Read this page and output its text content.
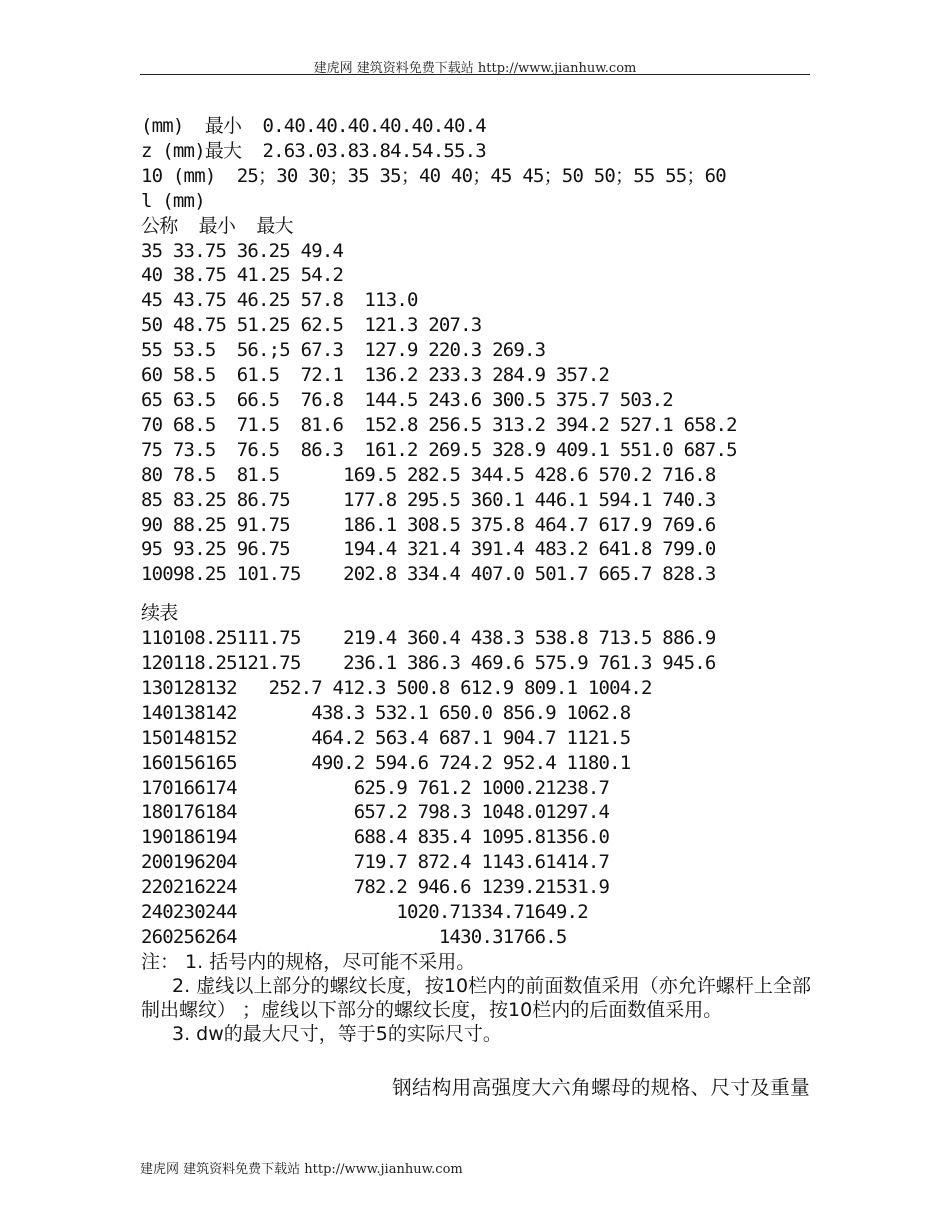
建虎网 建筑资料免费下载站 http://www.jianhuw.com
(mm)  最小  0.40.40.40.40.40.40.4
z (mm)最大  2.63.03.83.84.54.55.3
10 (mm)  25；30 30；35 35；40 40；45 45；50 50；55 55；60
l (mm)
公称  最小  最大
35 33.75 36.25 49.4
40 38.75 41.25 54.2
45 43.75 46.25 57.8  113.0
50 48.75 51.25 62.5  121.3 207.3
55 53.5  56.;5 67.3  127.9 220.3 269.3
60 58.5  61.5  72.1  136.2 233.3 284.9 357.2
65 63.5  66.5  76.8  144.5 243.6 300.5 375.7 503.2
70 68.5  71.5  81.6  152.8 256.5 313.2 394.2 527.1 658.2
75 73.5  76.5  86.3  161.2 269.5 328.9 409.1 551.0 687.5
80 78.5  81.5      169.5 282.5 344.5 428.6 570.2 716.8
85 83.25 86.75     177.8 295.5 360.1 446.1 594.1 740.3
90 88.25 91.75     186.1 308.5 375.8 464.7 617.9 769.6
95 93.25 96.75     194.4 321.4 391.4 483.2 641.8 799.0
10098.25 101.75    202.8 334.4 407.0 501.7 665.7 828.3
续表
110108.25111.75    219.4 360.4 438.3 538.8 713.5 886.9
120118.25121.75    236.1 386.3 469.6 575.9 761.3 945.6
130128132   252.7 412.3 500.8 612.9 809.1 1004.2
140138142       438.3 532.1 650.0 856.9 1062.8
150148152       464.2 563.4 687.1 904.7 1121.5
160156165       490.2 594.6 724.2 952.4 1180.1
170166174           625.9 761.2 1000.21238.7
180176184           657.2 798.3 1048.01297.4
190186194           688.4 835.4 1095.81356.0
200196204           719.7 872.4 1143.61414.7
220216224           782.2 946.6 1239.21531.9
240230244               1020.71334.71649.2
260256264                   1430.31766.5

注： 1. 括号内的规格，尽可能不采用。

2. 虚线以上部分的螺纹长度，按10栏内的前面数值采用（亦允许螺杆上全部制出螺纹） ；虚线以下部分的螺纹长度，按10栏内的后面数值采用。

3. dw的最大尺寸，等于5的实际尺寸。

钢结构用高强度大六角螺母的规格、尺寸及重量
建虎网 建筑资料免费下载站 http://www.jianhuw.com
